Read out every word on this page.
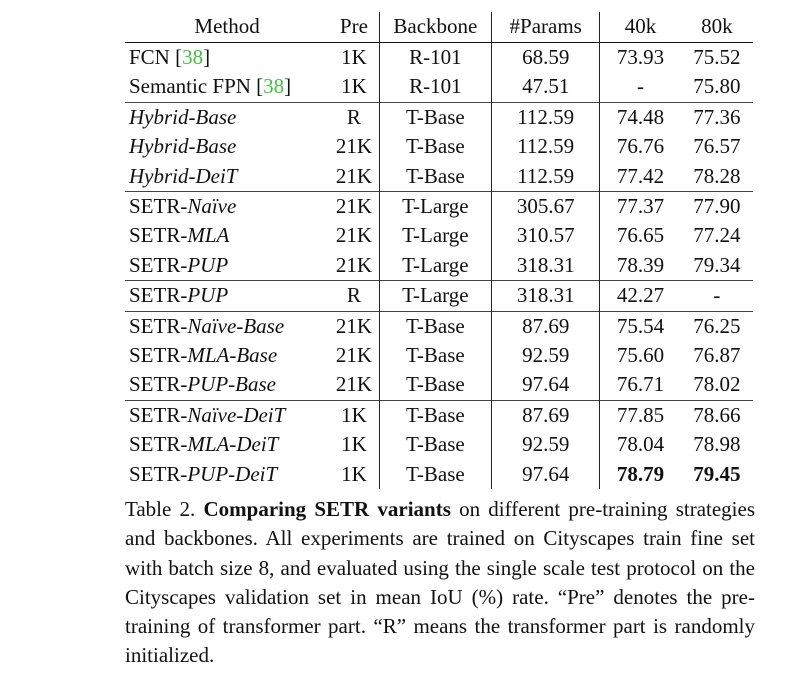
Method	Pre	Backbone	#Params	40k	80k
FCN [38]	1K	R-101	68.59	73.93	75.52
Semantic FPN [38]	1K	R-101	47.51	-	75.80
Hybrid-Base	R	T-Base	112.59	74.48	77.36
Hybrid-Base	21K	T-Base	112.59	76.76	76.57
Hybrid-DeiT	21K	T-Base	112.59	77.42	78.28
SETR-Naïve	21K	T-Large	305.67	77.37	77.90
SETR-MLA	21K	T-Large	310.57	76.65	77.24
SETR-PUP	21K	T-Large	318.31	78.39	79.34
SETR-PUP	R	T-Large	318.31	42.27	-
SETR-Naïve-Base	21K	T-Base	87.69	75.54	76.25
SETR-MLA-Base	21K	T-Base	92.59	75.60	76.87
SETR-PUP-Base	21K	T-Base	97.64	76.71	78.02
SETR-Naïve-DeiT	1K	T-Base	87.69	77.85	78.66
SETR-MLA-DeiT	1K	T-Base	92.59	78.04	78.98
SETR-PUP-DeiT	1K	T-Base	97.64	78.79	79.45
Table 2. Comparing SETR variants on different pre-training strategies and backbones. All experiments are trained on Cityscapes train fine set with batch size 8, and evaluated using the single scale test protocol on the Cityscapes validation set in mean IoU (%) rate. “Pre” denotes the pre-training of transformer part. “R” means the transformer part is randomly initialized.
